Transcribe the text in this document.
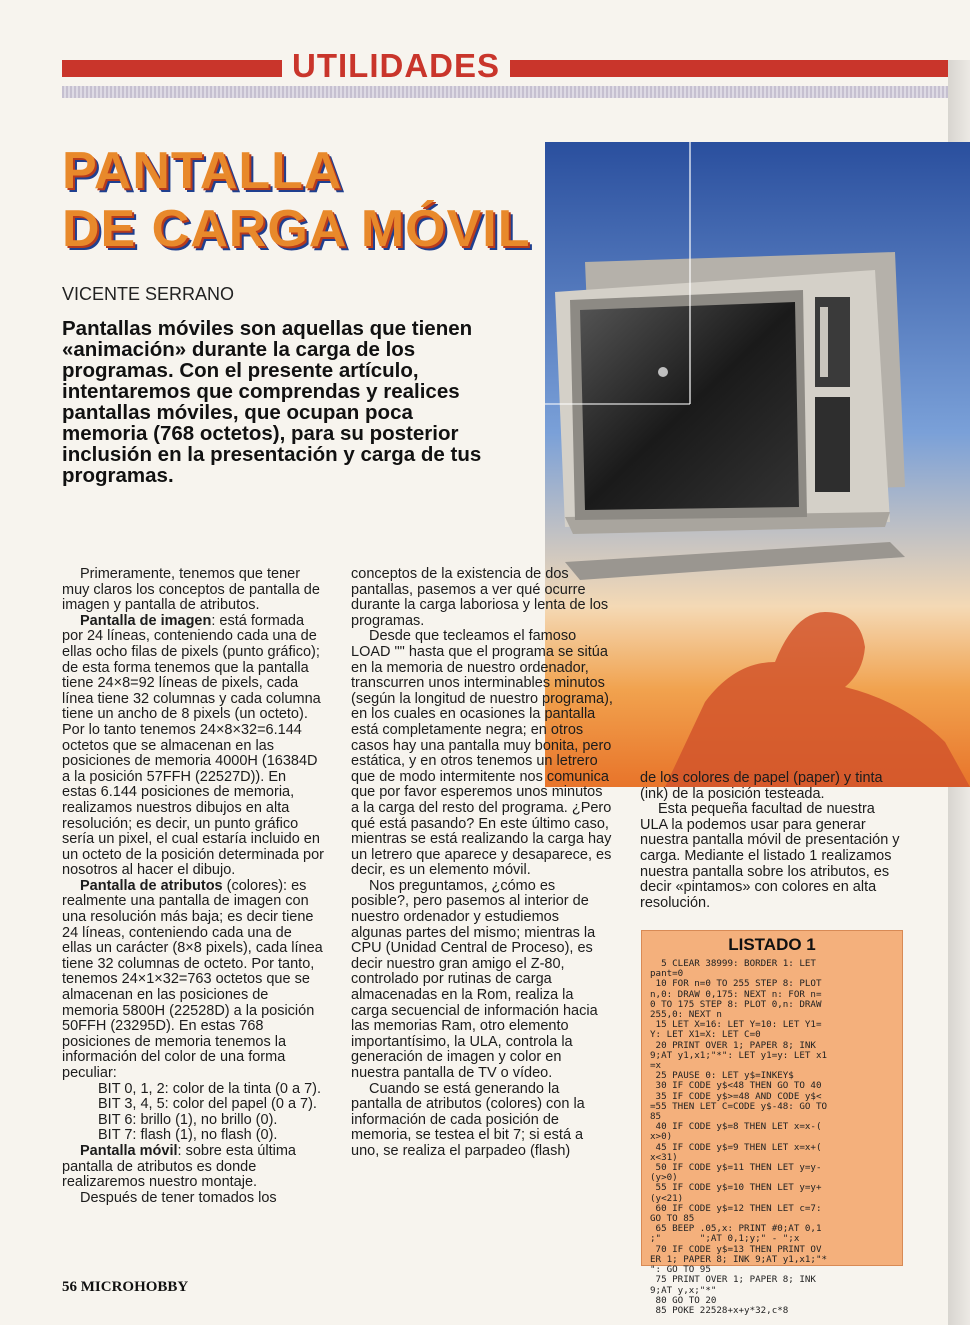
UTILIDADES
PANTALLA
DE CARGA MÓVIL
VICENTE SERRANO
Pantallas móviles son aquellas que tienen «animación» durante la carga de los programas. Con el presente artículo, intentaremos que comprendas y realices pantallas móviles, que ocupan poca memoria (768 octetos), para su posterior inclusión en la presentación y carga de tus programas.

Primeramente, tenemos que tener muy claros los conceptos de pantalla de imagen y pantalla de atributos.

Pantalla de imagen: está formada por 24 líneas, conteniendo cada una de ellas ocho filas de pixels (punto gráfico); de esta forma tenemos que la pantalla tiene 24×8=92 líneas de pixels, cada línea tiene 32 columnas y cada columna tiene un ancho de 8 pixels (un octeto). Por lo tanto tenemos 24×8×32=6.144 octetos que se almacenan en las posiciones de memoria 4000H (16384D a la posición 57FFH (22527D)). En estas 6.144 posiciones de memoria, realizamos nuestros dibujos en alta resolución; es decir, un punto gráfico sería un pixel, el cual estaría incluido en un octeto de la posición determinada por nosotros al hacer el dibujo.

Pantalla de atributos (colores): es realmente una pantalla de imagen con una resolución más baja; es decir tiene 24 líneas, conteniendo cada una de ellas un carácter (8×8 pixels), cada línea tiene 32 columnas de octeto. Por tanto, tenemos 24×1×32=763 octetos que se almacenan en las posiciones de memoria 5800H (22528D) a la posición 50FFH (23295D). En estas 768 posiciones de memoria tenemos la información del color de una forma peculiar:

BIT 0, 1, 2: color de la tinta (0 a 7).

BIT 3, 4, 5: color del papel (0 a 7).

BIT 6: brillo (1), no brillo (0).

BIT 7: flash (1), no flash (0).

Pantalla móvil: sobre esta última pantalla de atributos es donde realizaremos nuestro montaje.

Después de tener tomados los

conceptos de la existencia de dos pantallas, pasemos a ver qué ocurre durante la carga laboriosa y lenta de los programas.

Desde que tecleamos el famoso LOAD "" hasta que el programa se sitúa en la memoria de nuestro ordenador, transcurren unos interminables minutos (según la longitud de nuestro programa), en los cuales en ocasiones la pantalla está completamente negra; en otros casos hay una pantalla muy bonita, pero estática, y en otros tenemos un letrero que de modo intermitente nos comunica que por favor esperemos unos minutos a la carga del resto del programa. ¿Pero qué está pasando? En este último caso, mientras se está realizando la carga hay un letrero que aparece y desaparece, es decir, es un elemento móvil.

Nos preguntamos, ¿cómo es posible?, pero pasemos al interior de nuestro ordenador y estudiemos algunas partes del mismo; mientras la CPU (Unidad Central de Proceso), es decir nuestro gran amigo el Z-80, controlado por rutinas de carga almacenadas en la Rom, realiza la carga secuencial de información hacia las memorias Ram, otro elemento importantísimo, la ULA, controla la generación de imagen y color en nuestra pantalla de TV o vídeo.

Cuando se está generando la pantalla de atributos (colores) con la información de cada posición de memoria, se testea el bit 7; si está a uno, se realiza el parpadeo (flash)

de los colores de papel (paper) y tinta (ink) de la posición testeada.

Esta pequeña facultad de nuestra ULA la podemos usar para generar nuestra pantalla móvil de presentación y carga. Mediante el listado 1 realizamos nuestra pantalla sobre los atributos, es decir «pintamos» con colores en alta resolución.

LISTADO 1
5 CLEAR 38999: BORDER 1: LET
pant=0
10 FOR n=0 TO 255 STEP 8: PLOT
n,0: DRAW 0,175: NEXT n: FOR n=
0 TO 175 STEP 8: PLOT 0,n: DRAW
255,0: NEXT n
15 LET X=16: LET Y=10: LET Y1=
Y: LET X1=X: LET C=0
20 PRINT OVER 1; PAPER 8; INK
9;AT y1,x1;"*": LET y1=y: LET x1
=x
25 PAUSE 0: LET y$=INKEY$
30 IF CODE y$<48 THEN GO TO 40
35 IF CODE y$>=48 AND CODE y$<
=55 THEN LET C=CODE y$-48: GO TO
85
40 IF CODE y$=8 THEN LET x=x-(
x>0)
45 IF CODE y$=9 THEN LET x=x+(
x<31)
50 IF CODE y$=11 THEN LET y=y-
(y>0)
55 IF CODE y$=10 THEN LET y=y+
(y<21)
60 IF CODE y$=12 THEN LET c=7:
GO TO 85
65 BEEP .05,x: PRINT #0;AT 0,1
;"       ";AT 0,1;y;" - ";x
70 IF CODE y$=13 THEN PRINT OV
ER 1; PAPER 8; INK 9;AT y1,x1;"*
": GO TO 95
75 PRINT OVER 1; PAPER 8; INK
9;AT y,x;"*"
80 GO TO 20
85 POKE 22528+x+y*32,c*8
56 MICROHOBBY
